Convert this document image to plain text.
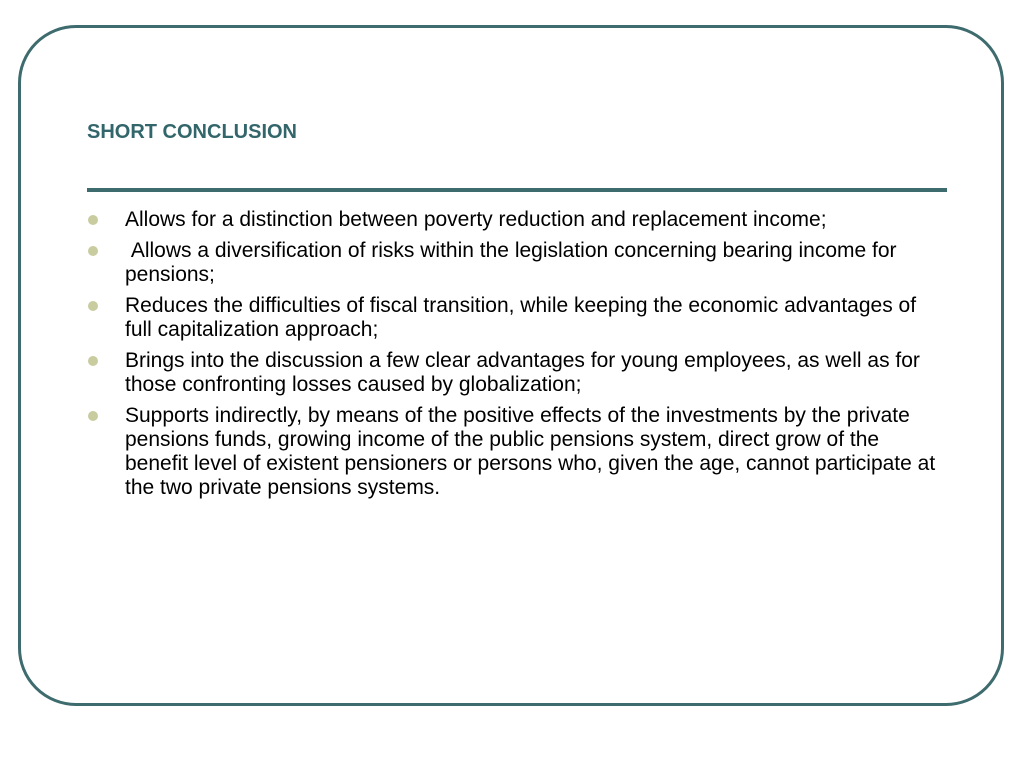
SHORT CONCLUSION
Allows for a distinction between poverty reduction and replacement income;
Allows a diversification of risks within the legislation concerning bearing income for pensions;
Reduces the difficulties of fiscal transition, while keeping the economic advantages of full capitalization approach;
Brings into the discussion a few clear advantages for young employees, as well as for those confronting losses caused by globalization;
Supports indirectly, by means of the positive effects of the investments by the private pensions funds, growing income of the public pensions system, direct grow of the benefit level of existent pensioners or persons who, given the age, cannot participate at the two private pensions systems.
